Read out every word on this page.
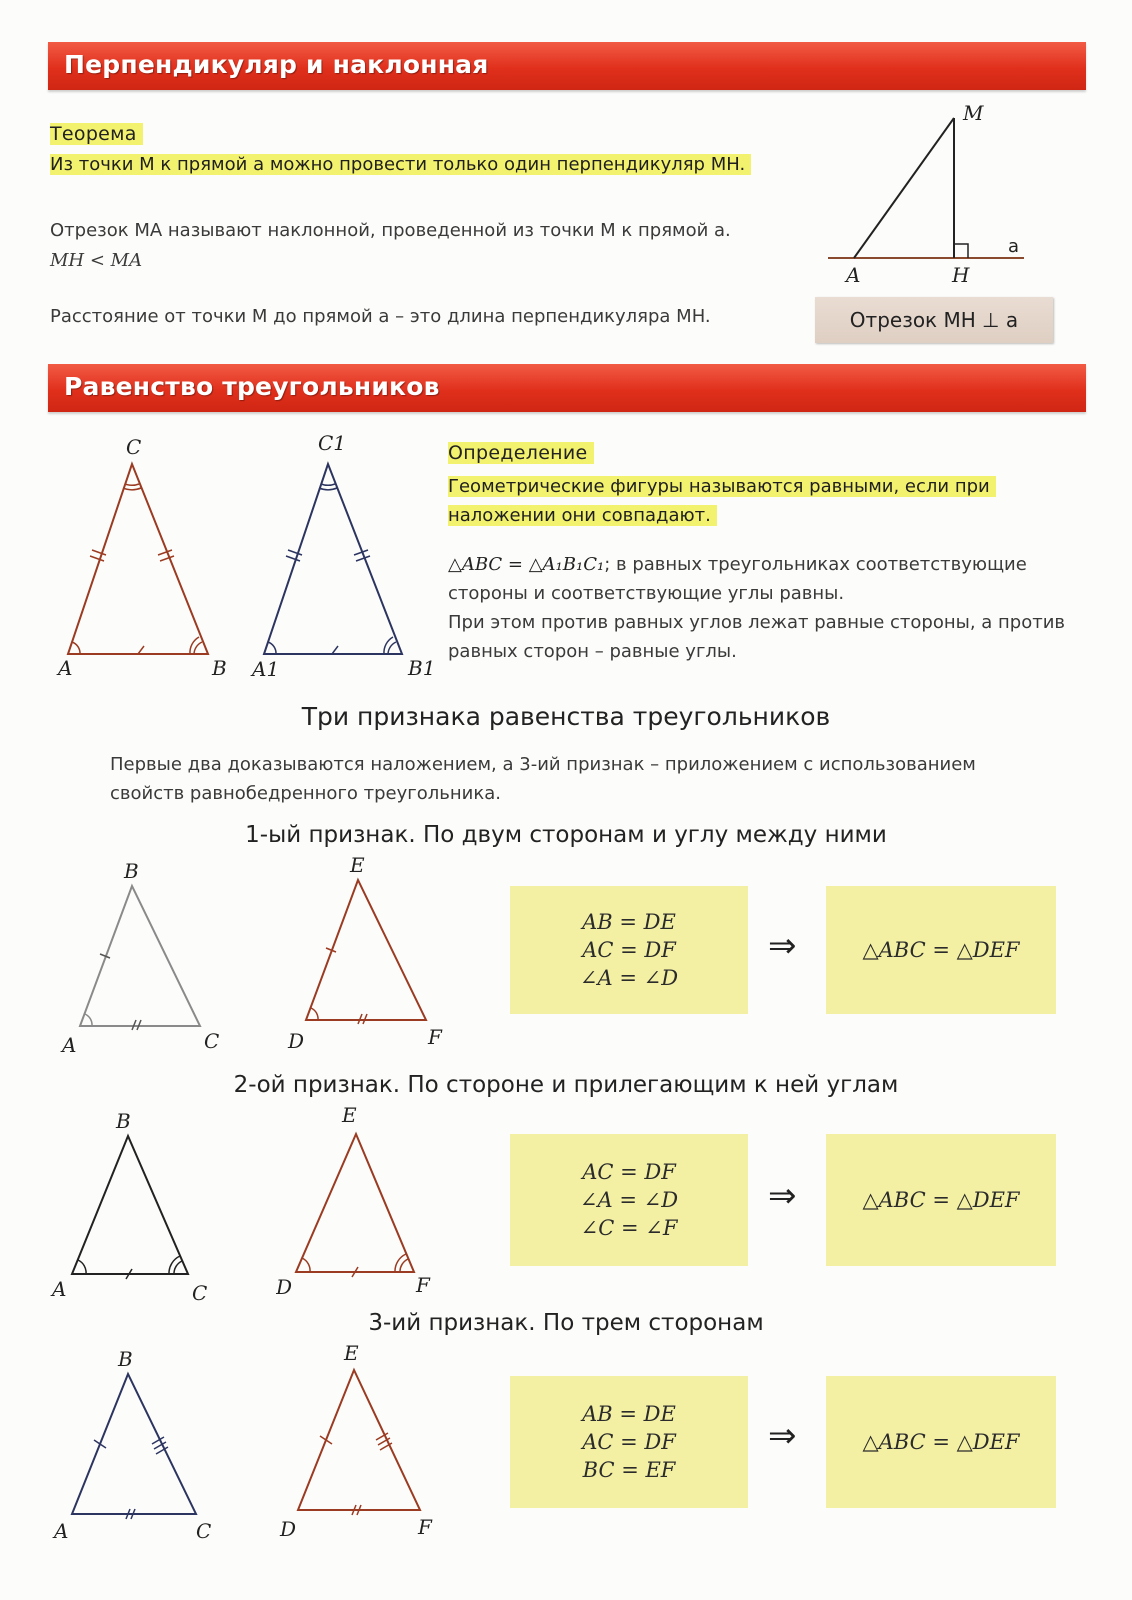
Перпендикуляр и наклонная
Теорема
Из точки M к прямой а можно провести только один перпендикуляр MH.
Отрезок MA называют наклонной, проведенной из точки M к прямой a.
MH < MA
Расстояние от точки M до прямой a – это длина перпендикуляра MH.
M
A	H
a
Отрезок MH ⊥ a
Равенство треугольников
C
A	B
C1
A1	B1
Определение
Геометрические фигуры называются равными, если при
наложении они совпадают.
△ABC = △A₁B₁C₁; в равных треугольниках соответствующие
стороны и соответствующие углы равны.
При этом против равных углов лежат равные стороны, а против
равных сторон – равные углы.
Три признака равенства треугольников
Первые два доказываются наложением, а 3-ий признак – приложением с использованием
свойств равнобедренного треугольника.
1-ый признак. По двум сторонам и углу между ними
B
A	C
E
D	F
AB = DE
AC = DF
∠A = ∠D
⇒	△ABC = △DEF
2-ой признак. По стороне и прилегающим к ней углам
B
A	C
E
D	F
AC = DF
∠A = ∠D
∠C = ∠F
⇒	△ABC = △DEF
3-ий признак. По трем сторонам
B
A	C
E
D	F
AB = DE
AC = DF
BC = EF
⇒	△ABC = △DEF
